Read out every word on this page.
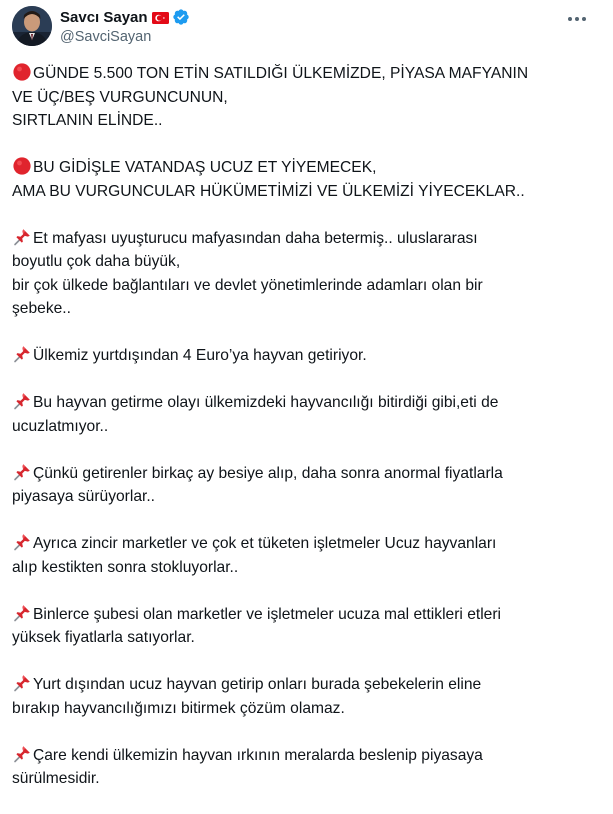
Savcı Sayan
@SavciSayan
GÜNDE 5.500 TON ETİN SATILDIĞI ÜLKEMİZDE, PİYASA MAFYANIN
VE ÜÇ/BEŞ VURGUNCUNUN,
SIRTLANIN ELİNDE..
BU GİDİŞLE VATANDAŞ UCUZ ET YİYEMECEK,
AMA BU VURGUNCULAR HÜKÜMETİMİZİ VE ÜLKEMİZİ YİYECEKLAR..
Et mafyası uyuşturucu mafyasından daha betermiş.. uluslararası
boyutlu çok daha büyük,
bir çok ülkede bağlantıları ve devlet yönetimlerinde adamları olan bir
şebeke..
Ülkemiz yurtdışından 4 Euro’ya hayvan getiriyor.
Bu hayvan getirme olayı ülkemizdeki hayvancılığı bitirdiği gibi,eti de
ucuzlatmıyor..
Çünkü getirenler birkaç ay besiye alıp, daha sonra anormal fiyatlarla
piyasaya sürüyorlar..
Ayrıca zincir marketler ve çok et tüketen işletmeler Ucuz hayvanları
alıp kestikten sonra stokluyorlar..
Binlerce şubesi olan marketler ve işletmeler ucuza mal ettikleri etleri
yüksek fiyatlarla satıyorlar.
Yurt dışından ucuz hayvan getirip onları burada şebekelerin eline
bırakıp hayvancılığımızı bitirmek çözüm olamaz.
Çare kendi ülkemizin hayvan ırkının meralarda beslenip piyasaya
sürülmesidir.
